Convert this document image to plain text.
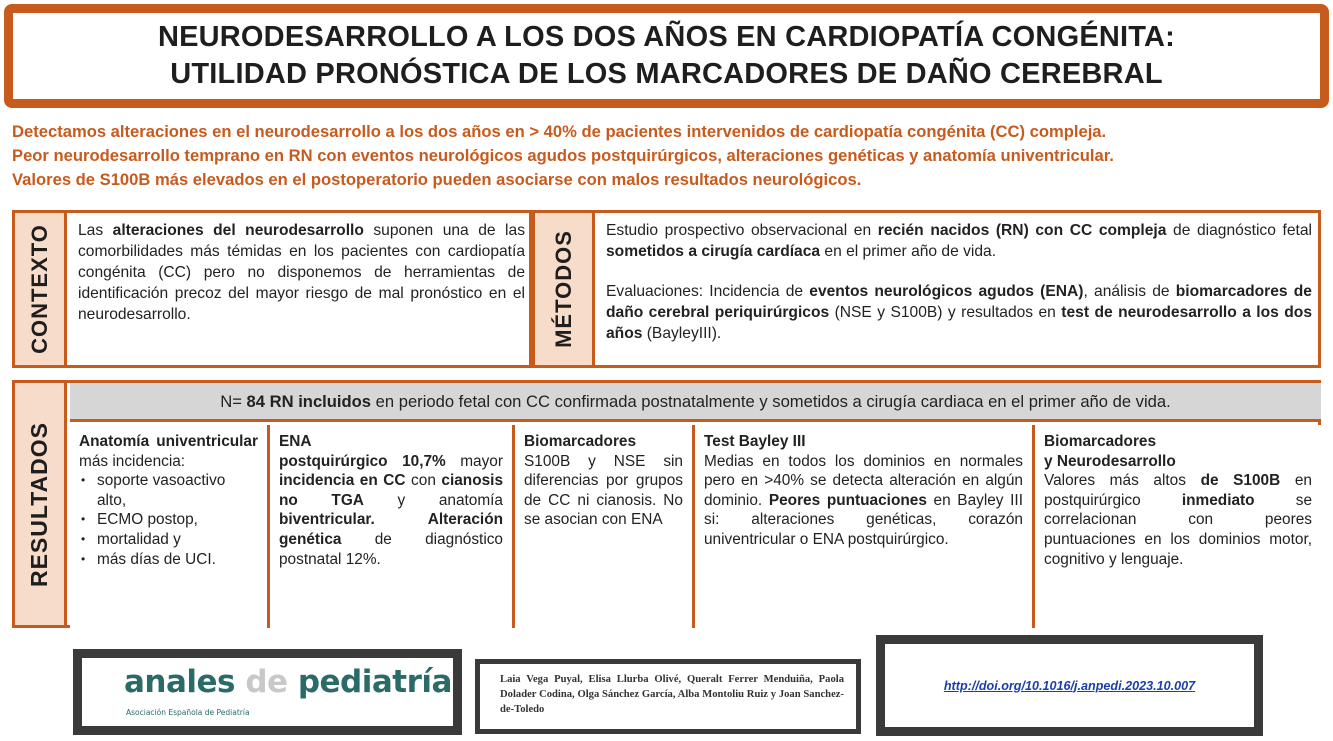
NEURODESARROLLO A LOS DOS AÑOS EN CARDIOPATÍA CONGÉNITA:
UTILIDAD PRONÓSTICA DE LOS MARCADORES DE DAÑO CEREBRAL
Detectamos alteraciones en el neurodesarrollo a los dos años en > 40% de pacientes intervenidos de cardiopatía congénita (CC) compleja.
Peor neurodesarrollo temprano en RN con eventos neurológicos agudos postquirúrgicos, alteraciones genéticas y anatomía univentricular.
Valores de S100B más elevados en el postoperatorio pueden asociarse con malos resultados neurológicos.
CONTEXTO Las alteraciones del neurodesarrollo suponen una de las comorbilidades más témidas en los pacientes con cardiopatía congénita (CC) pero no disponemos de herramientas de identificación precoz del mayor riesgo de mal pronóstico en el neurodesarrollo.	MÉTODOS Estudio prospectivo observacional en recién nacidos (RN) con CC compleja de diagnóstico fetal sometidos a cirugía cardíaca en el primer año de vida.
Evaluaciones: Incidencia de eventos neurológicos agudos (ENA), análisis de biomarcadores de daño cerebral periquirúrgicos (NSE y S100B) y resultados en test de neurodesarrollo a los dos años (BayleyIII).
RESULTADOS
N= 84 RN incluidos en periodo fetal con CC confirmada postnatalmente y sometidos a cirugía cardiaca en el primer año de vida.
Anatomía univentricular más incidencia:
• soporte vasoactivo alto,
• ECMO postop,
• mortalidad y
• más días de UCI.
ENA
postquirúrgico 10,7% mayor incidencia en CC con cianosis no TGA y anatomía biventricular.	Alteración genética de diagnóstico postnatal 12%.
Biomarcadores
S100B y NSE sin diferencias por grupos de CC ni cianosis. No se asocian con ENA
Test Bayley III
Medias en todos los dominios en normales pero en >40% se detecta alteración en algún dominio. Peores puntuaciones en Bayley III si: alteraciones genéticas, corazón univentricular o ENA postquirúrgico.
Biomarcadores
y Neurodesarrollo
Valores más altos de S100B en postquirúrgico inmediato se correlacionan con peores puntuaciones en los dominios motor, cognitivo y lenguaje.
anales de pediatría
Asociación Española de Pediatría
Laia Vega Puyal, Elisa Llurba Olivé, Queralt Ferrer Menduiña, Paola Dolader Codina, Olga Sánchez García, Alba Montoliu Ruiz y Joan Sanchez-de-Toledo
http://doi.org/10.1016/j.anpedi.2023.10.007
